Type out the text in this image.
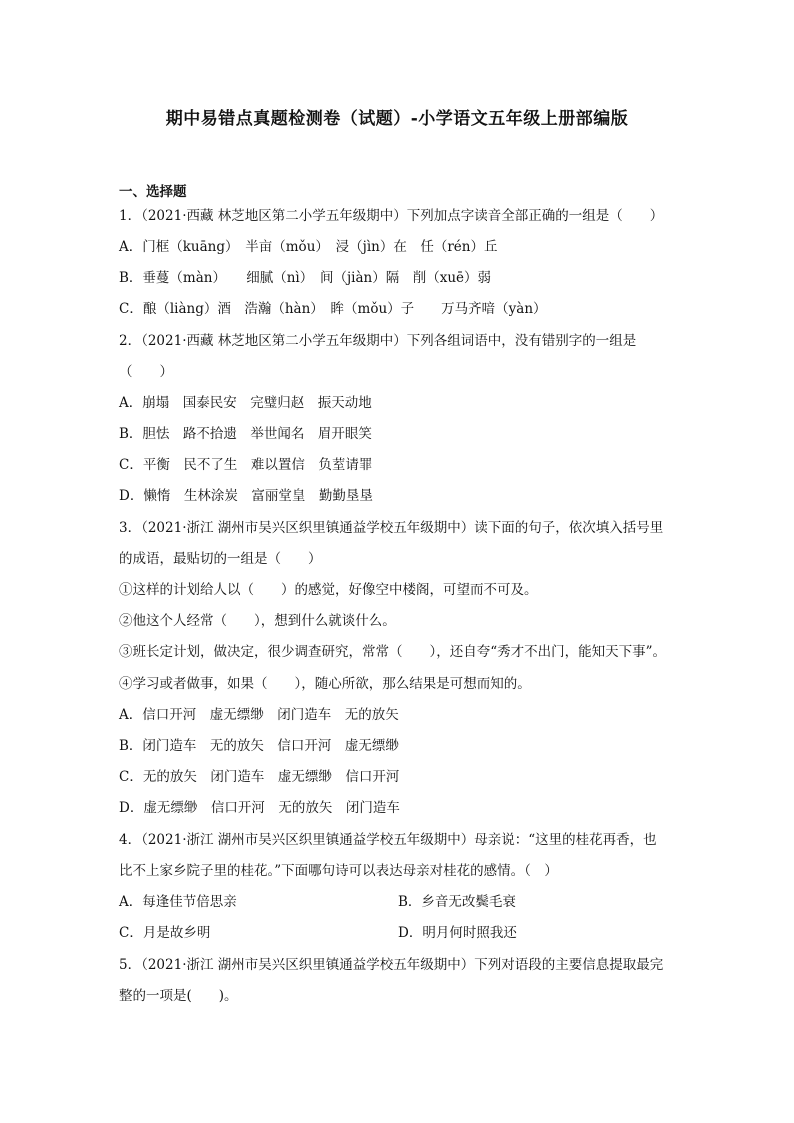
期中易错点真题检测卷（试题）-小学语文五年级上册部编版
一、选择题
1．（2021·西藏 林芝地区第二小学五年级期中）下列加点字读音全部正确的一组是（　　）
A．门框（kuāng）　半亩（mǒu）　浸（jìn）在　任（rén）丘
B．垂蔓（màn）　　细腻（nì）　间（jiàn）隔　削（xuē）弱
C．酿（liàng）酒　浩瀚（hàn）　眸（mǒu）子　　万马齐喑（yàn）
2．（2021·西藏 林芝地区第二小学五年级期中）下列各组词语中，没有错别字的一组是
（　　）
A．崩塌　国泰民安　完璧归赵　振天动地
B．胆怯　路不拾遗　举世闻名　眉开眼笑
C．平衡　民不了生　难以置信　负荎请罪
D．懒惰　生林涂炭　富丽堂皇　勤勤垦垦
3．（2021·浙江 湖州市吴兴区织里镇通益学校五年级期中）读下面的句子，依次填入括号里
的成语，最贴切的一组是（　　）
①这样的计划给人以（　　）的感觉，好像空中楼阁，可望而不可及。
②他这个人经常（　　），想到什么就谈什么。
③班长定计划，做决定，很少调查研究，常常（　　），还自夸“秀才不出门，能知天下事”。
④学习或者做事，如果（　　），随心所欲，那么结果是可想而知的。
A．信口开河　虚无缥缈　闭门造车　无的放矢
B．闭门造车　无的放矢　信口开河　虚无缥缈
C．无的放矢　闭门造车　虚无缥缈　信口开河
D．虚无缥缈　信口开河　无的放矢　闭门造车
4．（2021·浙江 湖州市吴兴区织里镇通益学校五年级期中）母亲说：“这里的桂花再香，也
比不上家乡院子里的桂花。”下面哪句诗可以表达母亲对桂花的感情。（　）
A．每逢佳节倍思亲	B．乡音无改鬓毛衰
C．月是故乡明	D．明月何时照我还
5．（2021·浙江 湖州市吴兴区织里镇通益学校五年级期中）下列对语段的主要信息提取最完
整的一项是(　　)。
